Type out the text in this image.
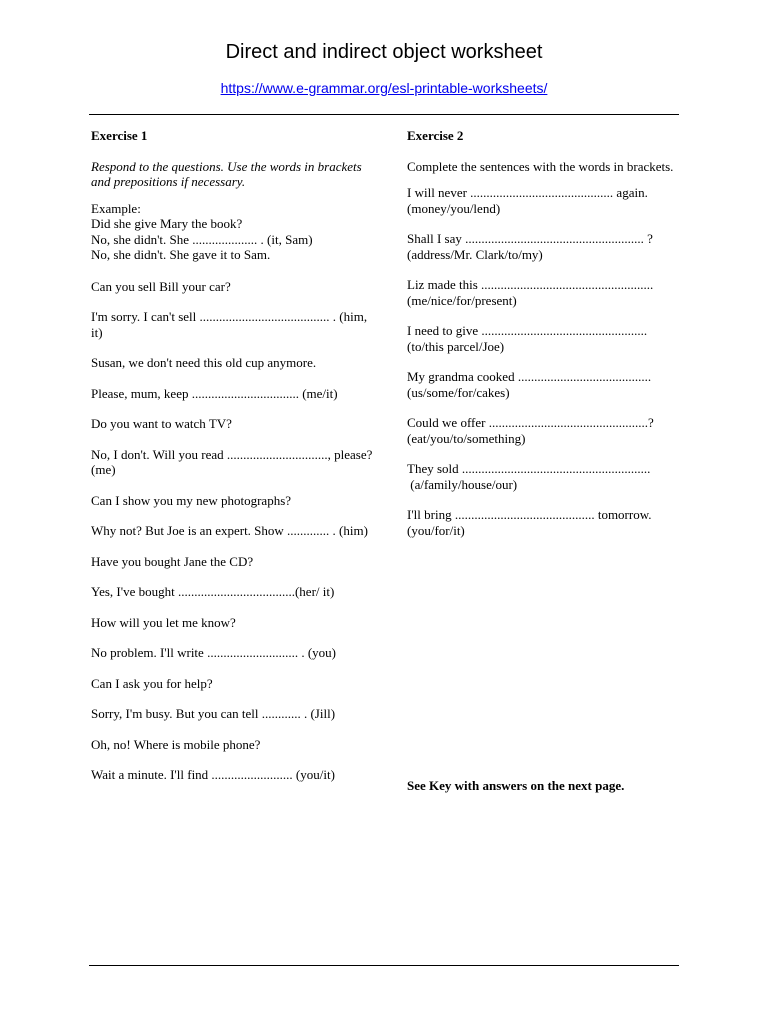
Direct and indirect object worksheet
https://www.e-grammar.org/esl-printable-worksheets/
Exercise 1
Respond to the questions. Use the words in brackets and prepositions if necessary.
Example:
Did she give Mary the book?
No, she didn't. She .................... . (it, Sam)
No, she didn't. She gave it to Sam.
Can you sell Bill your car?
I'm sorry. I can't sell ........................................ . (him, it)
Susan, we don't need this old cup anymore.
Please, mum, keep ................................. (me/it)
Do you want to watch TV?
No, I don't. Will you read ..............................., please? (me)
Can I show you my new photographs?
Why not? But Joe is an expert. Show ............. . (him)
Have you bought Jane the CD?
Yes, I've bought ....................................(her/ it)
How will you let me know?
No problem. I'll write ............................ . (you)
Can I ask you for help?
Sorry, I'm busy. But you can tell ............ . (Jill)
Oh, no! Where is mobile phone?
Wait a minute. I'll find ......................... (you/it)
Exercise 2
Complete the sentences with the words in brackets.
I will never ............................................ again.
(money/you/lend)
Shall I say ....................................................... ?
(address/Mr. Clark/to/my)
Liz made this .....................................................
(me/nice/for/present)
I need to give ...................................................
(to/this parcel/Joe)
My grandma cooked .........................................
(us/some/for/cakes)
Could we offer .................................................?
(eat/you/to/something)
They sold ..........................................................
(a/family/house/our)
I'll bring ........................................... tomorrow.
(you/for/it)
See Key with answers on the next page.
